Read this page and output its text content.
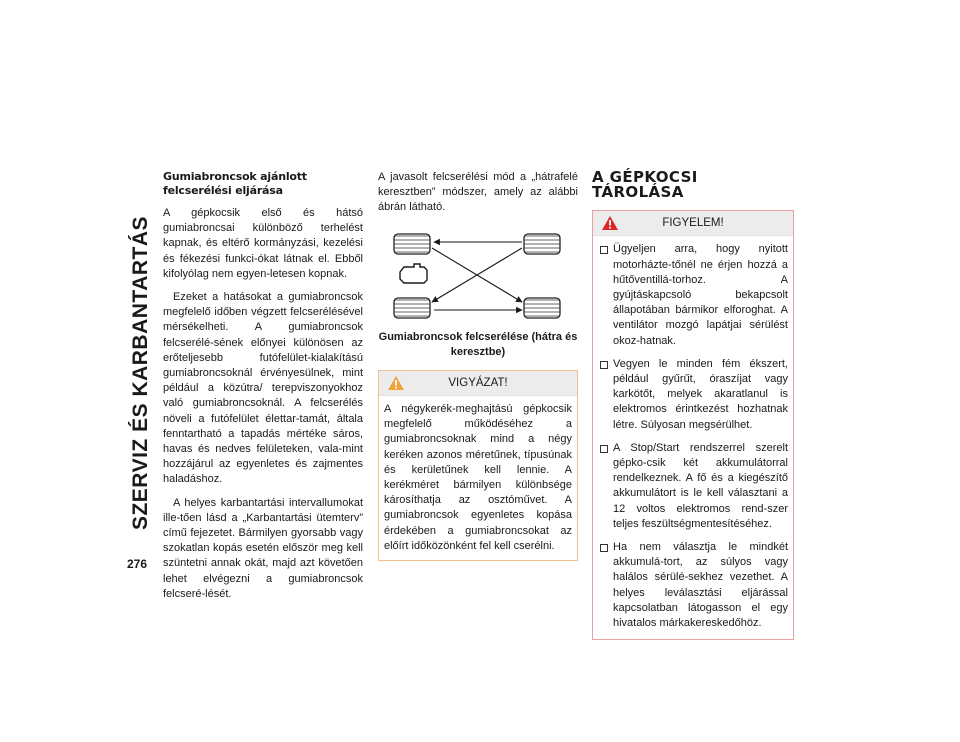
SZERVIZ ÉS KARBANTARTÁS
276
Gumiabroncsok ajánlott felcserélési eljárása

A gépkocsik első és hátsó gumiabroncsai különböző terhelést kapnak, és eltérő kormányzási, kezelési és fékezési funkci-ókat látnak el. Ebből kifolyólag nem egyen-letesen kopnak.

Ezeket a hatásokat a gumiabroncsok megfelelő időben végzett felcserélésével mérsékelheti. A gumiabroncsok felcserélé-sének előnyei különösen az erőteljesebb futófelület-kialakítású gumiabroncsoknál érvényesülnek, mint például a közútra/ terepviszonyokhoz való gumiabroncsoknál. A felcserélés növeli a futófelület élettar-tamát, általa fenntartható a tapadás mértéke sáros, havas és nedves felületeken, vala-mint hozzájárul az egyenletes és zajmentes haladáshoz.

A helyes karbantartási intervallumokat ille-tően lásd a „Karbantartási ütemterv” című fejezetet. Bármilyen gyorsabb vagy szokatlan kopás esetén először meg kell szüntetni annak okát, majd azt követően lehet elvégezni a gumiabroncsok felcseré-lését.

A javasolt felcserélési mód a „hátrafelé keresztben” módszer, amely az alábbi ábrán látható.

Gumiabroncsok felcserélése (hátra és keresztbe)
VIGYÁZAT!

A négykerék-meghajtású gépkocsik megfelelő működéséhez a gumiabroncsoknak mind a négy keréken azonos méretűnek, típusúnak és kerületűnek kell lennie. A kerékméret bármilyen különbsége károsíthatja az osztóművet. A gumiabroncsok egyenletes kopása érdekében a gumiabroncsokat az előírt időközönként fel kell cserélni.

A GÉPKOCSI TÁROLÁSA
FIGYELEM!
Ügyeljen arra, hogy nyitott motorházte-tőnél ne érjen hozzá a hűtőventillá-torhoz. A gyújtáskapcsoló bekapcsolt állapotában bármikor elforoghat. A ventilátor mozgó lapátjai sérülést okoz-hatnak.
Vegyen le minden fém ékszert, például gyűrűt, óraszíjat vagy karkötőt, melyek akaratlanul is elektromos érintkezést hozhatnak létre. Súlyosan megsérülhet.
A Stop/Start rendszerrel szerelt gépko-csik két akkumulátorral rendelkeznek. A fő és a kiegészítő akkumulátort is le kell választani a 12 voltos elektromos rend-szer teljes feszültségmentesítéséhez.
Ha nem választja le mindkét akkumulá-tort, az súlyos vagy halálos sérülé-sekhez vezethet. A helyes leválasztási eljárással kapcsolatban látogasson el egy hivatalos márkakereskedőhöz.
